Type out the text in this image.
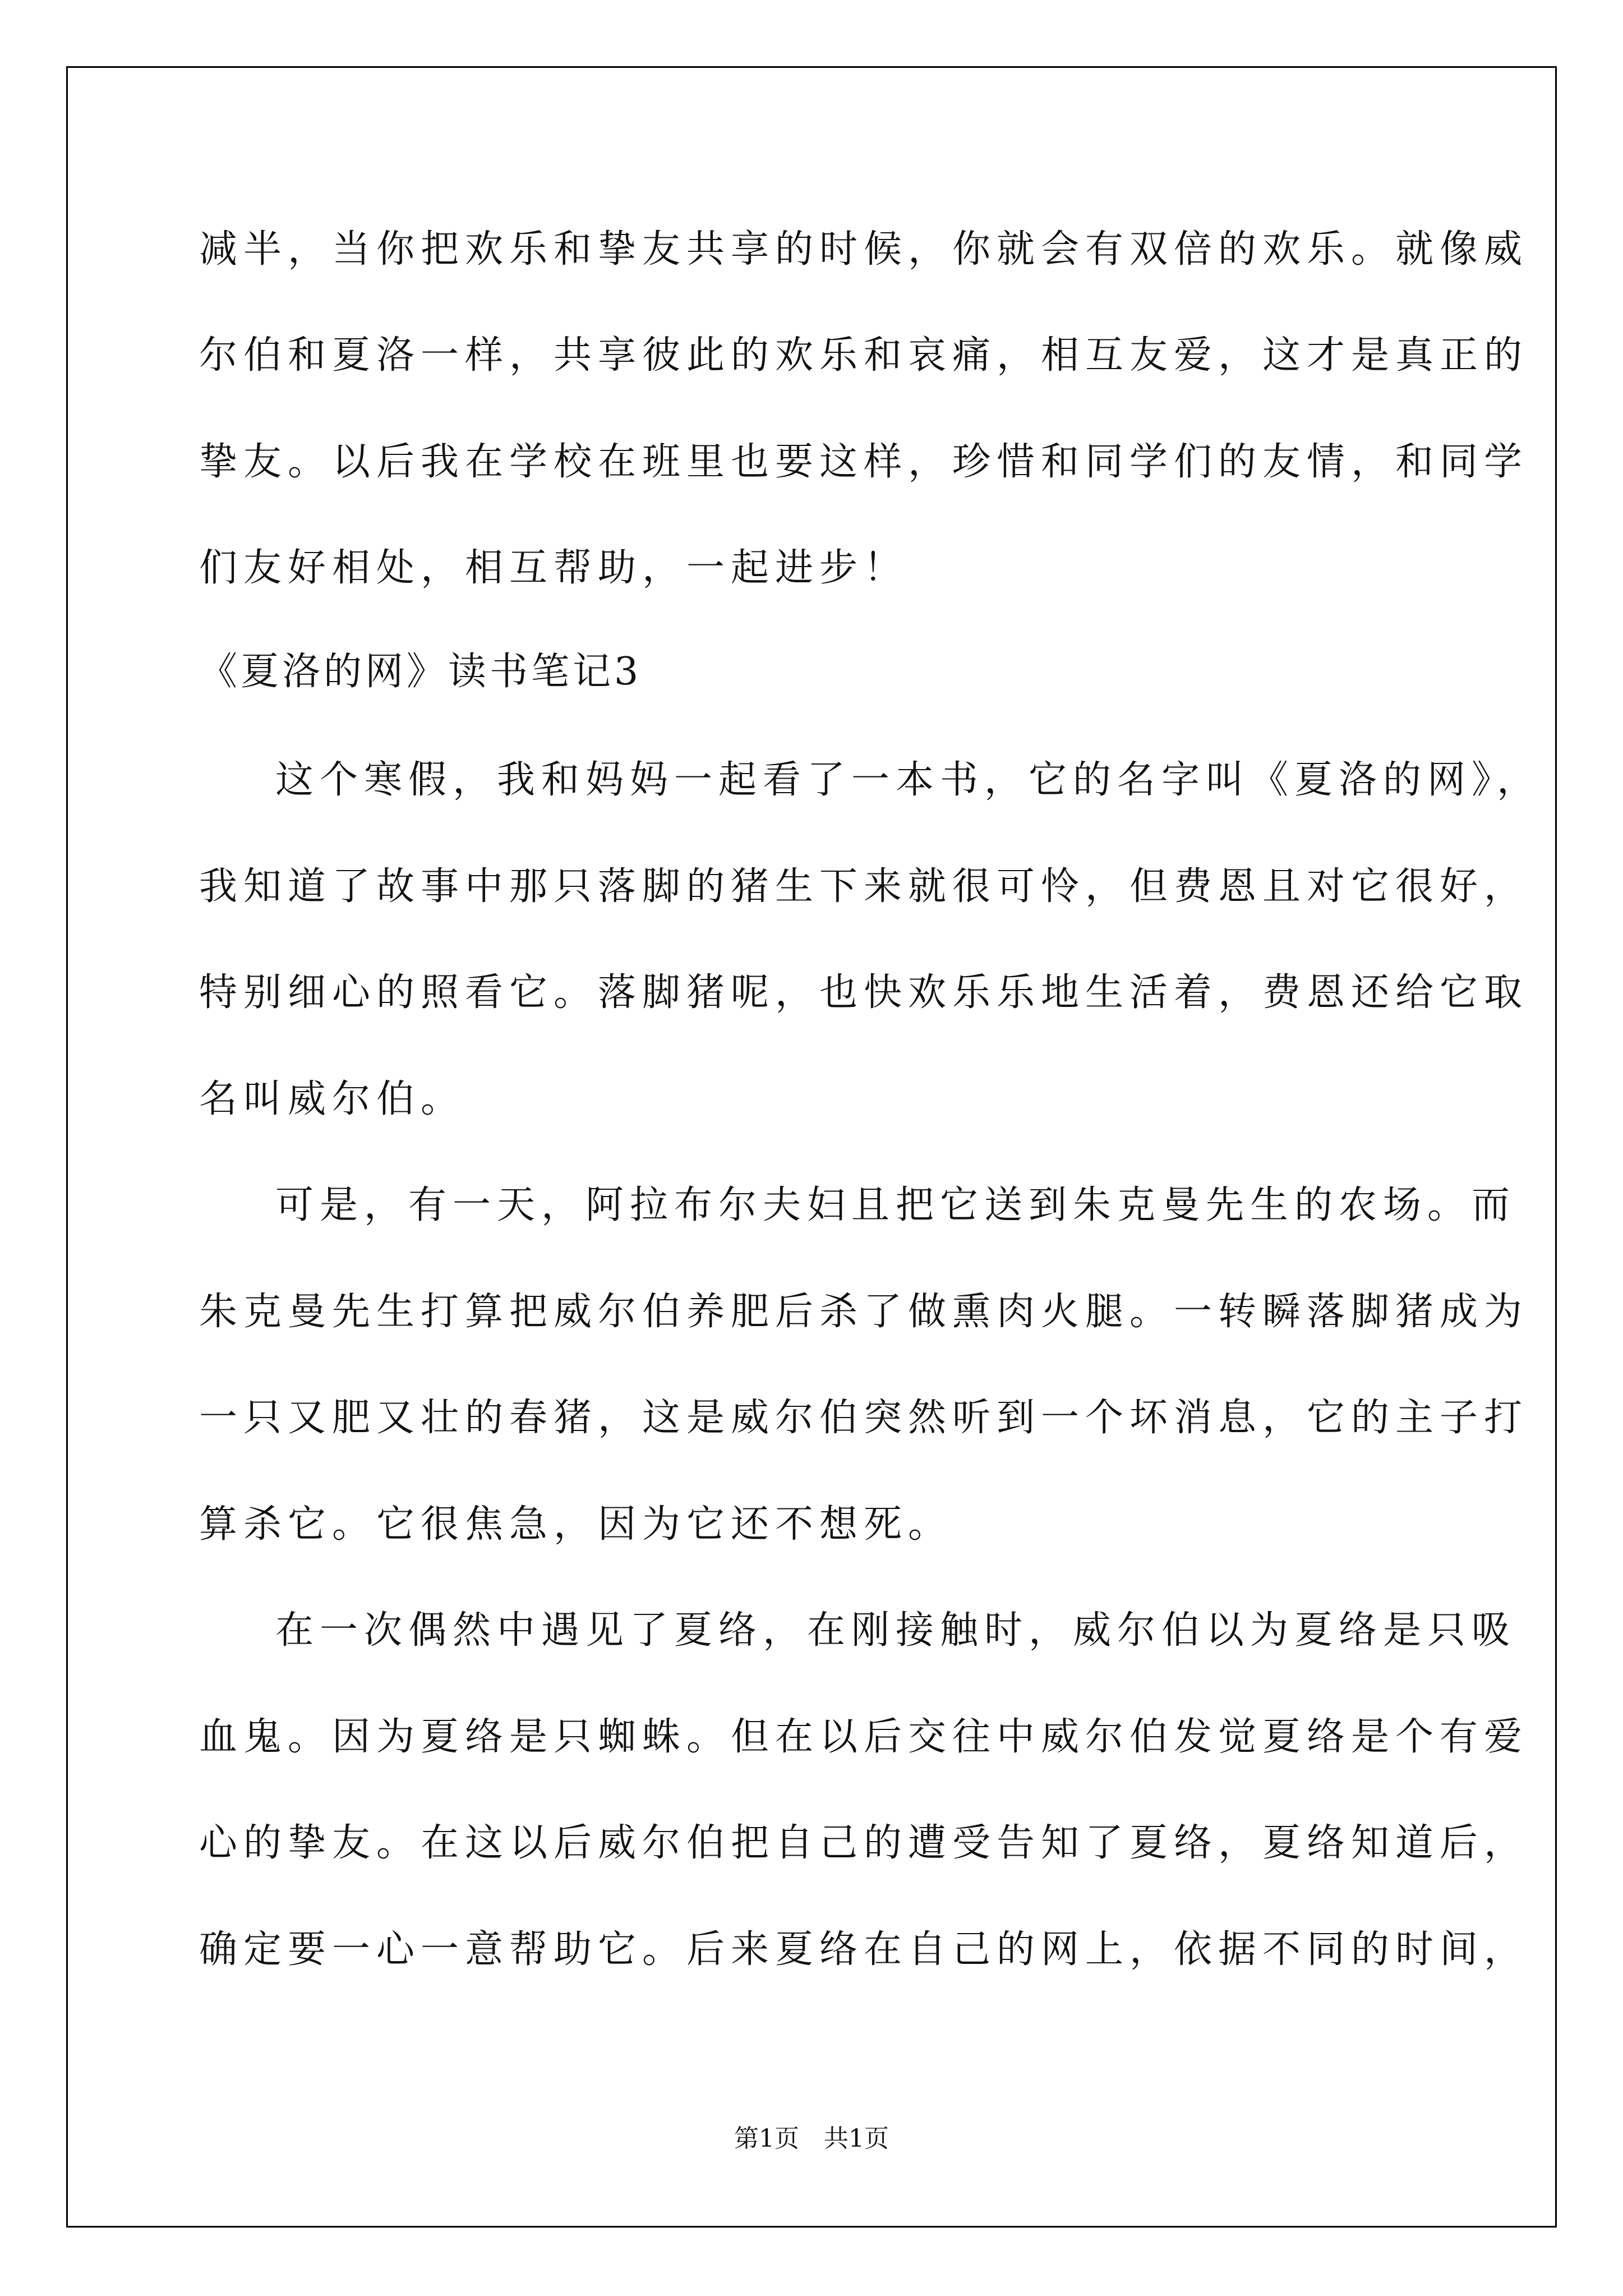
减半，当你把欢乐和挚友共享的时候，你就会有双倍的欢乐。就像威
尔伯和夏洛一样，共享彼此的欢乐和哀痛，相互友爱，这才是真正的
挚友。以后我在学校在班里也要这样，珍惜和同学们的友情，和同学
们友好相处，相互帮助，一起进步！
《夏洛的网》读书笔记3
这个寒假，我和妈妈一起看了一本书，它的名字叫《夏洛的网》，
我知道了故事中那只落脚的猪生下来就很可怜，但费恩且对它很好，
特别细心的照看它。落脚猪呢，也快欢乐乐地生活着，费恩还给它取
名叫威尔伯。
可是，有一天，阿拉布尔夫妇且把它送到朱克曼先生的农场。而
朱克曼先生打算把威尔伯养肥后杀了做熏肉火腿。一转瞬落脚猪成为
一只又肥又壮的春猪，这是威尔伯突然听到一个坏消息，它的主子打
算杀它。它很焦急，因为它还不想死。
在一次偶然中遇见了夏络，在刚接触时，威尔伯以为夏络是只吸
血鬼。因为夏络是只蜘蛛。但在以后交往中威尔伯发觉夏络是个有爱
心的挚友。在这以后威尔伯把自己的遭受告知了夏络，夏络知道后，
确定要一心一意帮助它。后来夏络在自己的网上，依据不同的时间，
第1页　共1页
